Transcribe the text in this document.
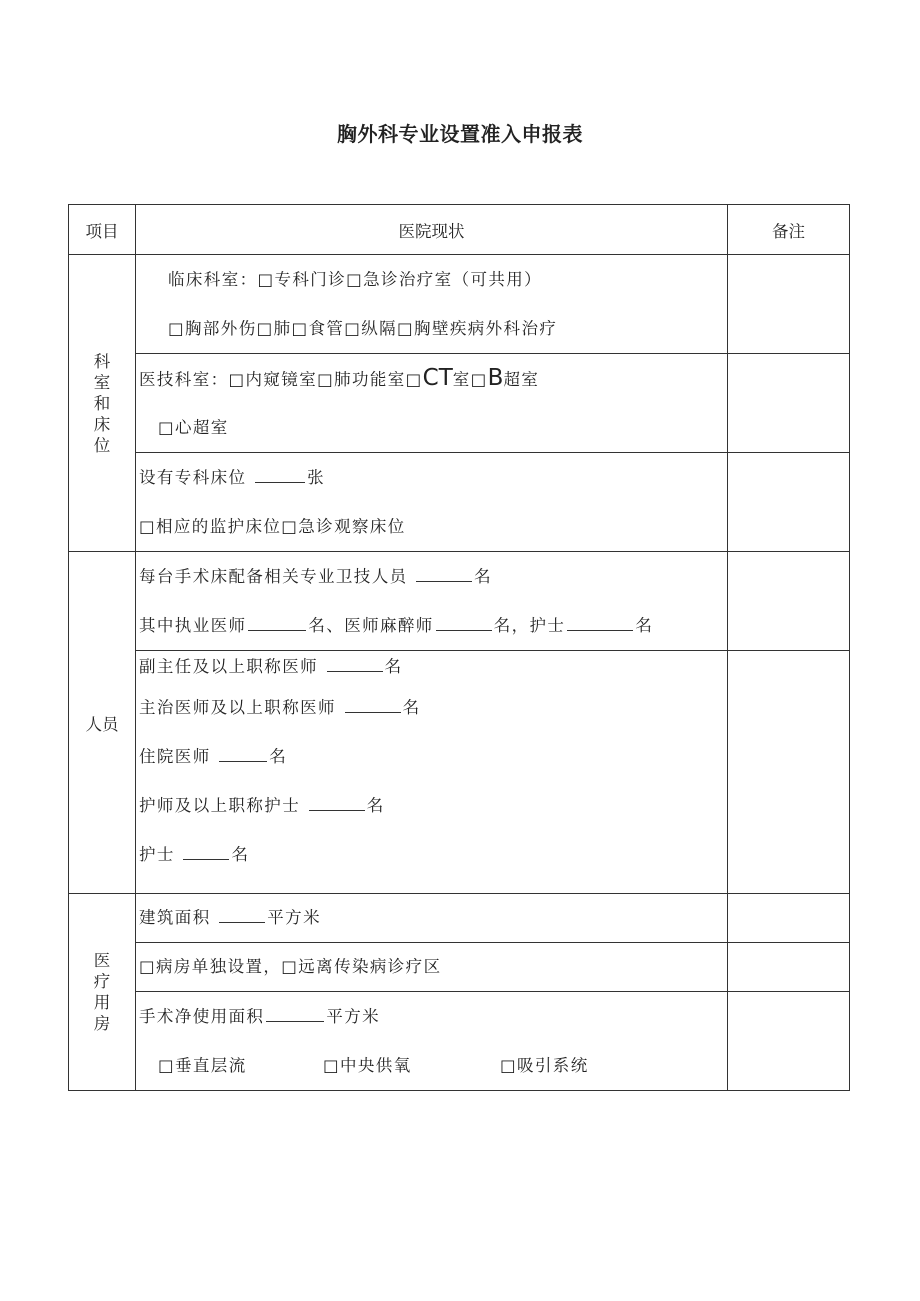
胸外科专业设置准入申报表
项目	医院现状	备注
科室和床位	临床科室：□专科门诊□急诊治疗室（可共用）
□胸部外伤□肺□食管□纵隔□胸壁疾病外科治疗	

	医技科室：□内窥镜室□肺功能室□CT室□B超室
□心超室	

	设有专科床位 张
□相应的监护床位□急诊观察床位	

人员	每台手术床配备相关专业卫技人员 名
其中执业医师 名、医师麻醉师 名，护士 名	

	副主任及以上职称医师 名
主治医师及以上职称医师 名
住院医师 名
护师及以上职称护士 名
护士 名	

医疗用房	建筑面积 平方米	

	□病房单独设置，□远离传染病诊疗区	

	手术净使用面积 平方米
□垂直层流 □中央供氧 □吸引系统	
